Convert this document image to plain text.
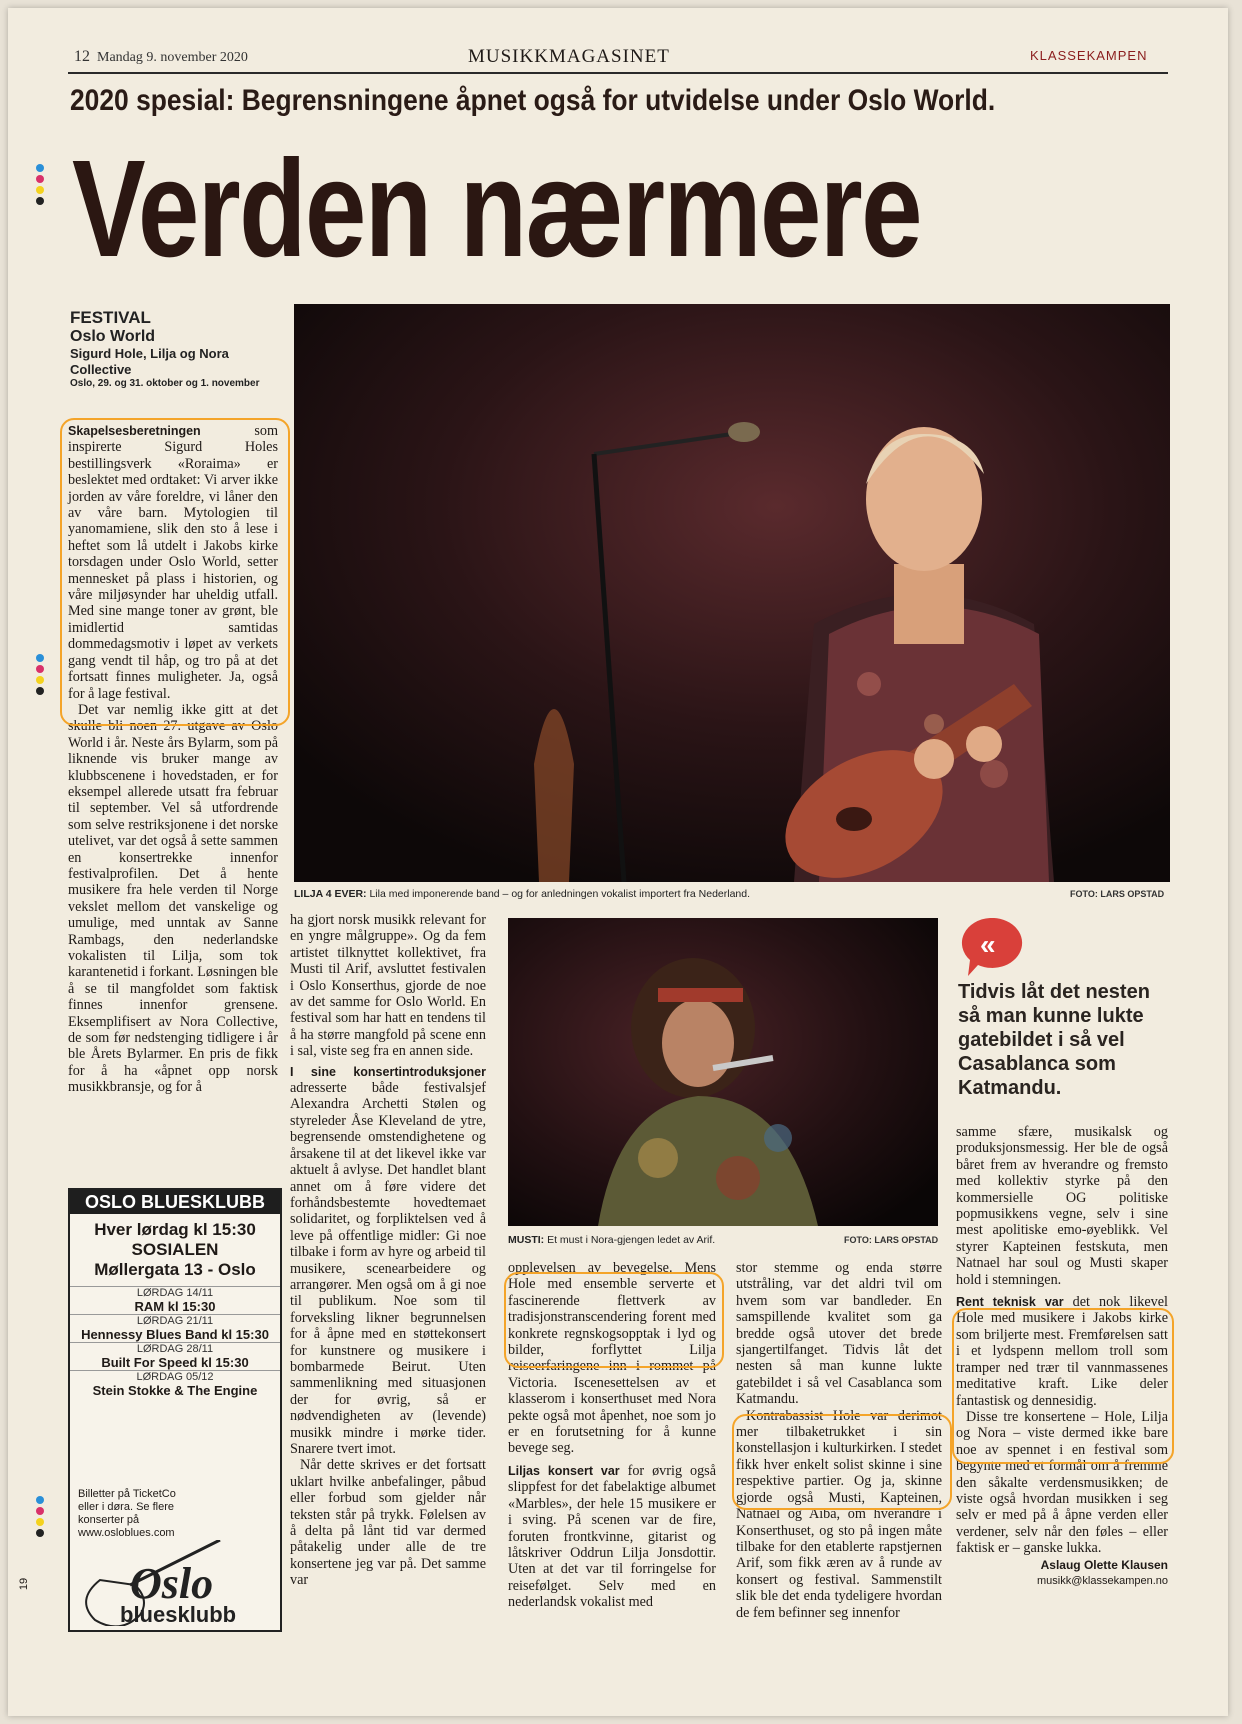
12 Mandag 9. november 2020	MUSIKKMAGASINET	KLASSEKAMPEN
2020 spesial: Begrensningene åpnet også for utvidelse under Oslo World.
Verden nærmere
19
FESTIVAL
Oslo World
Sigurd Hole, Lilja og Nora Collective
Oslo, 29. og 31. oktober og 1. november

Skapelsesberetningen	som inspirerte Sigurd Holes bestillingsverk «Roraima» er beslektet med ordtaket: Vi arver ikke jorden av våre foreldre, vi låner den av våre barn. Mytologien til yanomamiene, slik den sto å lese i heftet som lå utdelt i Jakobs kirke torsdagen under Oslo World, setter mennesket på plass i historien, og våre miljøsynder har uheldig utfall. Med sine mange toner av grønt, ble imidlertid samtidas dommedagsmotiv i løpet av verkets gang vendt til håp, og tro på at det fortsatt finnes muligheter. Ja, også for å lage festival.

Det var nemlig ikke gitt at det skulle bli noen 27. utgave av Oslo World i år. Neste års Bylarm, som på liknende vis bruker mange av klubbscenene i hovedstaden, er for eksempel allerede utsatt fra februar til september. Vel så utfordrende som selve restriksjonene i det norske utelivet, var det også å sette sammen en konsertrekke innenfor festivalprofilen. Det å hente musikere fra hele verden til Norge vekslet mellom det vanskelige og umulige, med unntak av Sanne Rambags, den nederlandske vokalisten til Lilja, som tok karantenetid i forkant. Løsningen ble å se til mangfoldet som faktisk finnes innenfor grensene. Eksemplifisert av Nora Collective, de som før nedstenging tidligere i år ble Årets Bylarmer. En pris de fikk for å ha «åpnet opp norsk musikkbransje, og for å

LILJA 4 EVER: Lila med imponerende band – og for anledningen vokalist importert fra Nederland.	FOTO: LARS OPSTAD

ha gjort norsk musikk relevant for en yngre målgruppe». Og da fem artistet tilknyttet kollektivet, fra Musti til Arif, avsluttet festivalen i Oslo Konserthus, gjorde de noe av det samme for Oslo World. En festival som har hatt en tendens til å ha større mangfold på scene enn i sal, viste seg fra en annen side.

I sine konsertintroduksjoner adresserte både festivalsjef Alexandra Archetti Stølen og styreleder Åse Kleveland de ytre, begrensende omstendighetene og årsakene til at det likevel ikke var aktuelt å avlyse. Det handlet blant annet om å føre videre det forhåndsbestemte hovedtemaet solidaritet, og forpliktelsen ved å leve på offentlige midler: Gi noe tilbake i form av hyre og arbeid til musikere, scenearbeidere og arrangører. Men også om å gi noe til publikum. Noe som til forveksling likner begrunnelsen for å åpne med en støttekonsert for kunstnere og musikere i bombarmede Beirut. Uten sammenlikning med situasjonen der for øvrig, så er nødvendigheten av (levende) musikk mindre i mørke tider. Snarere tvert imot.

Når dette skrives er det fortsatt uklart hvilke anbefalinger, påbud eller forbud som gjelder når teksten står på trykk. Følelsen av å delta på lånt tid var dermed påtakelig under alle de tre konsertene jeg var på. Det samme var

MUSTI: Et must i Nora-gjengen ledet av Arif.	FOTO: LARS OPSTAD

opplevelsen av bevegelse. Mens Hole med ensemble serverte et fascinerende flettverk av tradisjonstranscendering forent med konkrete regnskogsopptak i lyd og bilder, forflyttet Lilja reiseerfaringene inn i rommet på Victoria. Iscenesettelsen av et klasserom i konserthuset med Nora pekte også mot åpenhet, noe som jo er en forutsetning for å kunne bevege seg.

Liljas konsert var for øvrig også slippfest for det fabelaktige albumet «Marbles», der hele 15 musikere er i sving. På scenen var de fire, foruten frontkvinne, gitarist og låtskriver Oddrun Lilja Jonsdottir. Uten at det var til forringelse for reisefølget. Selv med en nederlandsk vokalist med

stor stemme og enda større utstråling, var det aldri tvil om hvem som var bandleder. En samspillende kvalitet som ga bredde også utover det brede sjangertilfanget. Tidvis låt det nesten så man kunne lukte gatebildet i så vel Casablanca som Katmandu.

Kontrabassist Hole var derimot mer tilbaketrukket i sin konstellasjon i kulturkirken. I stedet fikk hver enkelt solist skinne i sine respektive partier. Og ja, skinne gjorde også Musti, Kapteinen, Natnael og Aiba, om hverandre i Konserthuset, og sto på ingen måte tilbake for den etablerte rapstjernen Arif, som fikk æren av å runde av konsert og festival. Sammenstilt slik ble det enda tydeligere hvordan de fem befinner seg innenfor

«
Tidvis låt det nesten så man kunne lukte gatebildet i så vel Casablanca som Katmandu.

samme sfære, musikalsk og produksjonsmessig. Her ble de også båret frem av hverandre og fremsto med kollektiv styrke på den kommersielle OG politiske popmusikkens vegne, selv i sine mest apolitiske emo-øyeblikk. Vel styrer Kapteinen festskuta, men Natnael har soul og Musti skaper hold i stemningen.

Rent teknisk var det nok likevel Hole med musikere i Jakobs kirke som briljerte mest. Fremførelsen satt i et lydspenn mellom troll som tramper ned trær til vannmassenes meditative kraft. Like deler fantastisk og dennesidig.

Disse tre konsertene – Hole, Lilja og Nora – viste dermed ikke bare noe av spennet i en festival som begynte med et formål om å fremme den såkalte verdensmusikken; de viste også hvordan musikken i seg selv er med på å åpne verden eller verdener, selv når den føles – eller faktisk er – ganske lukka.

Aslaug Olette Klausen
musikk@klassekampen.no
OSLO BLUESKLUBB
Hver lørdag kl 15:30
SOSIALEN
Møllergata 13 - Oslo
LØRDAG 14/11
RAM kl 15:30
LØRDAG 21/11
Hennessy Blues Band kl 15:30
LØRDAG 28/11
Built For Speed kl 15:30
LØRDAG 05/12
Stein Stokke & The Engine
Billetter på TicketCo eller i døra. Se flere konserter på www.osloblues.com
Oslo
bluesklubb
